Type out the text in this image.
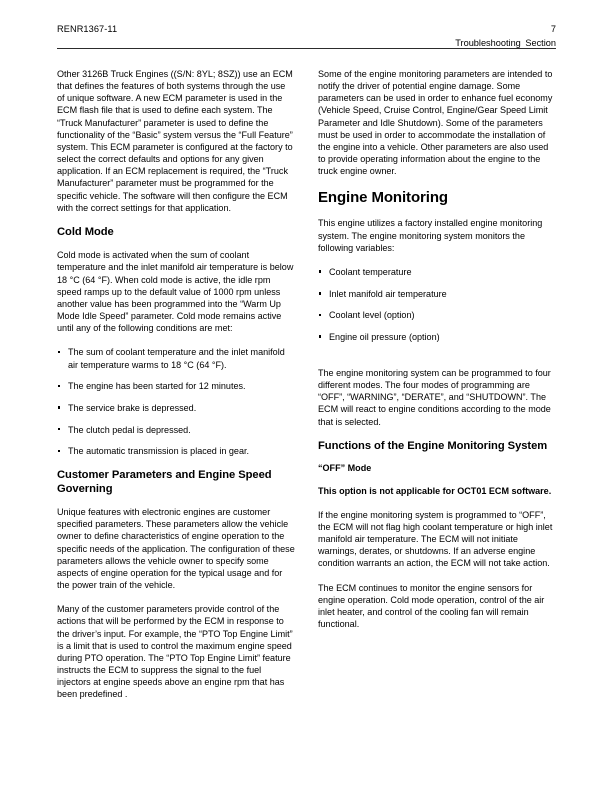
RENR1367-11	7
Troubleshooting Section

Other 3126B Truck Engines ((S/N: 8YL; 8SZ)) use an ECM that defines the features of both systems through the use of unique software. A new ECM parameter is used in the ECM flash file that is used to define each system. The “Truck Manufacturer” parameter is used to define the functionality of the “Basic” system versus the “Full Feature” system. This ECM parameter is configured at the factory to select the correct defaults and options for any given application. If an ECM replacement is required, the “Truck Manufacturer” parameter must be programmed for the specific vehicle. The software will then configure the ECM with the correct settings for that application.

Cold Mode

Cold mode is activated when the sum of coolant temperature and the inlet manifold air temperature is below 18 °C (64 °F). When cold mode is active, the idle rpm speed ramps up to the default value of 1000 rpm unless another value has been programmed into the “Warm Up Mode Idle Speed” parameter. Cold mode remains active until any of the following conditions are met:

The sum of coolant temperature and the inlet manifold air temperature warms to 18 °C (64 °F).
The engine has been started for 12 minutes.
The service brake is depressed.
The clutch pedal is depressed.
The automatic transmission is placed in gear.
Customer Parameters and Engine Speed Governing

Unique features with electronic engines are customer specified parameters. These parameters allow the vehicle owner to define characteristics of engine operation to the specific needs of the application. The configuration of these parameters allows the vehicle owner to specify some aspects of engine operation for the typical usage and for the power train of the vehicle.

Many of the customer parameters provide control of the actions that will be performed by the ECM in response to the driver’s input. For example, the “PTO Top Engine Limit” is a limit that is used to control the maximum engine speed during PTO operation. The “PTO Top Engine Limit” feature instructs the ECM to suppress the signal to the fuel injectors at engine speeds above an engine rpm that has been predefined .

Some of the engine monitoring parameters are intended to notify the driver of potential engine damage. Some parameters can be used in order to enhance fuel economy (Vehicle Speed, Cruise Control, Engine/Gear Speed Limit Parameter and Idle Shutdown). Some of the parameters must be used in order to accommodate the installation of the engine into a vehicle. Other parameters are also used to provide operating information about the engine to the truck engine owner.

Engine Monitoring

This engine utilizes a factory installed engine monitoring system. The engine monitoring system monitors the following variables:

Coolant temperature
Inlet manifold air temperature
Coolant level (option)
Engine oil pressure (option)

The engine monitoring system can be programmed to four different modes. The four modes of programming are “OFF”, “WARNING”, “DERATE”, and “SHUTDOWN”. The ECM will react to engine conditions according to the mode that is selected.

Functions of the Engine Monitoring System
“OFF” Mode

This option is not applicable for OCT01 ECM software.

If the engine monitoring system is programmed to “OFF”, the ECM will not flag high coolant temperature or high inlet manifold air temperature. The ECM will not initiate warnings, derates, or shutdowns. If an adverse engine condition warrants an action, the ECM will not take action.

The ECM continues to monitor the engine sensors for engine operation. Cold mode operation, control of the air inlet heater, and control of the cooling fan will remain functional.
